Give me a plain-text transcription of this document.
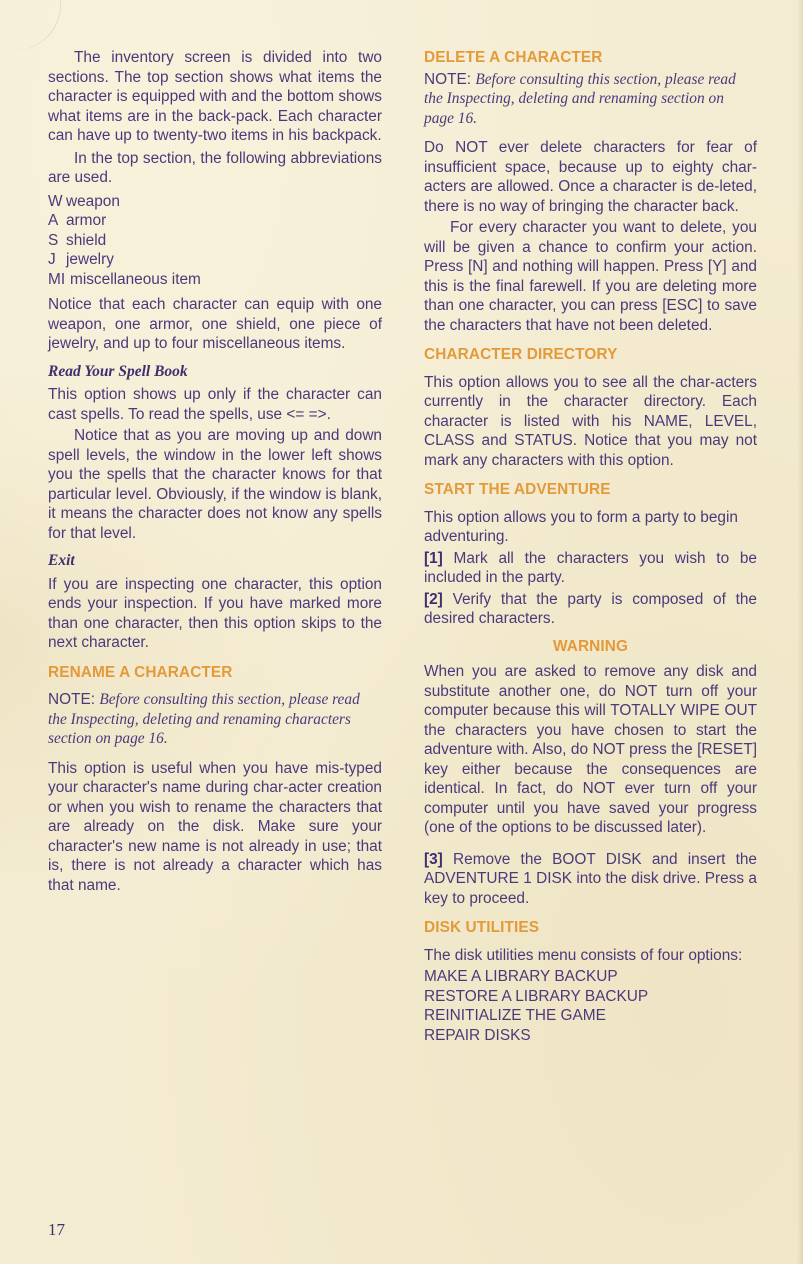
The inventory screen is divided into two sections. The top section shows what items the character is equipped with and the bottom shows what items are in the back-pack. Each character can have up to twenty-two items in his backpack.

In the top section, the following abbreviations are used.

W weapon
A armor
S shield
J jewelry
MI miscellaneous item

Notice that each character can equip with one weapon, one armor, one shield, one piece of jewelry, and up to four miscellaneous items.

Read Your Spell Book

This option shows up only if the character can cast spells. To read the spells, use <= =>.

Notice that as you are moving up and down spell levels, the window in the lower left shows you the spells that the character knows for that particular level. Obviously, if the window is blank, it means the character does not know any spells for that level.

Exit

If you are inspecting one character, this option ends your inspection. If you have marked more than one character, then this option skips to the next character.

RENAME A CHARACTER

NOTE: Before consulting this section, please read the Inspecting, deleting and renaming characters section on page 16.

This option is useful when you have mis-typed your character's name during char-acter creation or when you wish to rename the characters that are already on the disk. Make sure your character's new name is not already in use; that is, there is not already a character which has that name.

DELETE A CHARACTER

NOTE: Before consulting this section, please read the Inspecting, deleting and renaming section on page 16.

Do NOT ever delete characters for fear of insufficient space, because up to eighty char-acters are allowed. Once a character is de-leted, there is no way of bringing the character back.

For every character you want to delete, you will be given a chance to confirm your action. Press [N] and nothing will happen. Press [Y] and this is the final farewell. If you are deleting more than one character, you can press [ESC] to save the characters that have not been deleted.

CHARACTER DIRECTORY

This option allows you to see all the char-acters currently in the character directory. Each character is listed with his NAME, LEVEL, CLASS and STATUS. Notice that you may not mark any characters with this option.

START THE ADVENTURE

This option allows you to form a party to begin adventuring.

[1] Mark all the characters you wish to be included in the party.

[2] Verify that the party is composed of the desired characters.

WARNING

When you are asked to remove any disk and substitute another one, do NOT turn off your computer because this will TOTALLY WIPE OUT the characters you have chosen to start the adventure with. Also, do NOT press the [RESET] key either because the consequences are identical. In fact, do NOT ever turn off your computer until you have saved your progress (one of the options to be discussed later).

[3] Remove the BOOT DISK and insert the ADVENTURE 1 DISK into the disk drive. Press a key to proceed.

DISK UTILITIES

The disk utilities menu consists of four options:

MAKE A LIBRARY BACKUP
RESTORE A LIBRARY BACKUP
REINITIALIZE THE GAME
REPAIR DISKS
17
